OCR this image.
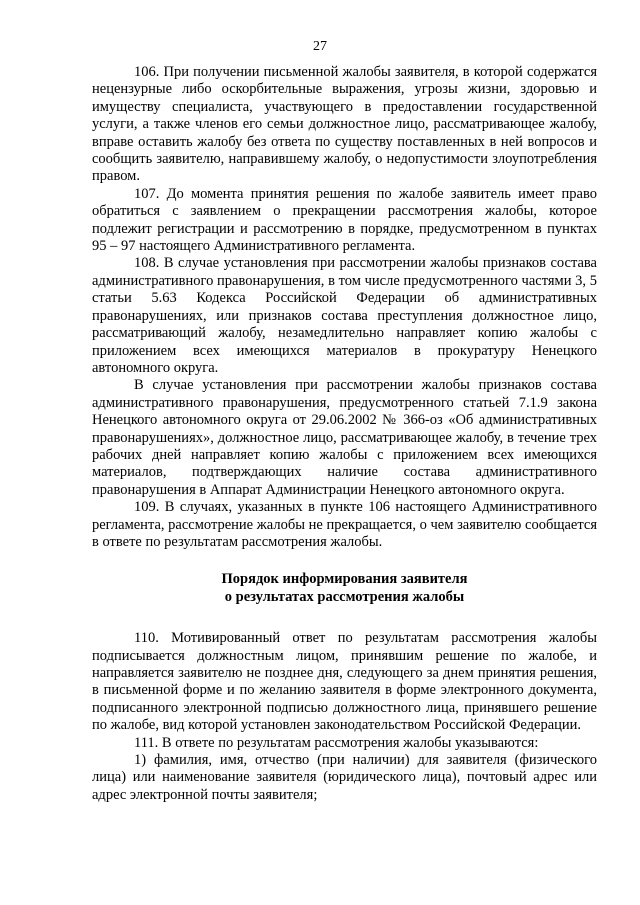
27

106. При получении письменной жалобы заявителя, в которой содержатся нецензурные либо оскорбительные выражения, угрозы жизни, здоровью и имуществу специалиста, участвующего в предоставлении государственной услуги, а также членов его семьи должностное лицо, рассматривающее жалобу, вправе оставить жалобу без ответа по существу поставленных в ней вопросов и сообщить заявителю, направившему жалобу, о недопустимости злоупотребления правом.

107. До момента принятия решения по жалобе заявитель имеет право обратиться с заявлением о прекращении рассмотрения жалобы, которое подлежит регистрации и рассмотрению в порядке, предусмотренном в пунктах 95 – 97 настоящего Административного регламента.

108. В случае установления при рассмотрении жалобы признаков состава административного правонарушения, в том числе предусмотренного частями 3, 5 статьи 5.63 Кодекса Российской Федерации об административных правонарушениях, или признаков состава преступления должностное лицо, рассматривающий жалобу, незамедлительно направляет копию жалобы с приложением всех имеющихся материалов в прокуратуру Ненецкого автономного округа.

В случае установления при рассмотрении жалобы признаков состава административного правонарушения, предусмотренного статьей 7.1.9 закона Ненецкого автономного округа от 29.06.2002 № 366-оз «Об административных правонарушениях», должностное лицо, рассматривающее жалобу, в течение трех рабочих дней направляет копию жалобы с приложением всех имеющихся материалов, подтверждающих наличие состава административного правонарушения в Аппарат Администрации Ненецкого автономного округа.

109. В случаях, указанных в пункте 106 настоящего Административного регламента, рассмотрение жалобы не прекращается, о чем заявителю сообщается в ответе по результатам рассмотрения жалобы.

Порядок информирования заявителя
о результатах рассмотрения жалобы

110. Мотивированный ответ по результатам рассмотрения жалобы подписывается должностным лицом, принявшим решение по жалобе, и направляется заявителю не позднее дня, следующего за днем принятия решения, в письменной форме и по желанию заявителя в форме электронного документа, подписанного электронной подписью должностного лица, принявшего решение по жалобе, вид которой установлен законодательством Российской Федерации.

111. В ответе по результатам рассмотрения жалобы указываются:

1) фамилия, имя, отчество (при наличии) для заявителя (физического лица) или наименование заявителя (юридического лица), почтовый адрес или адрес электронной почты заявителя;
